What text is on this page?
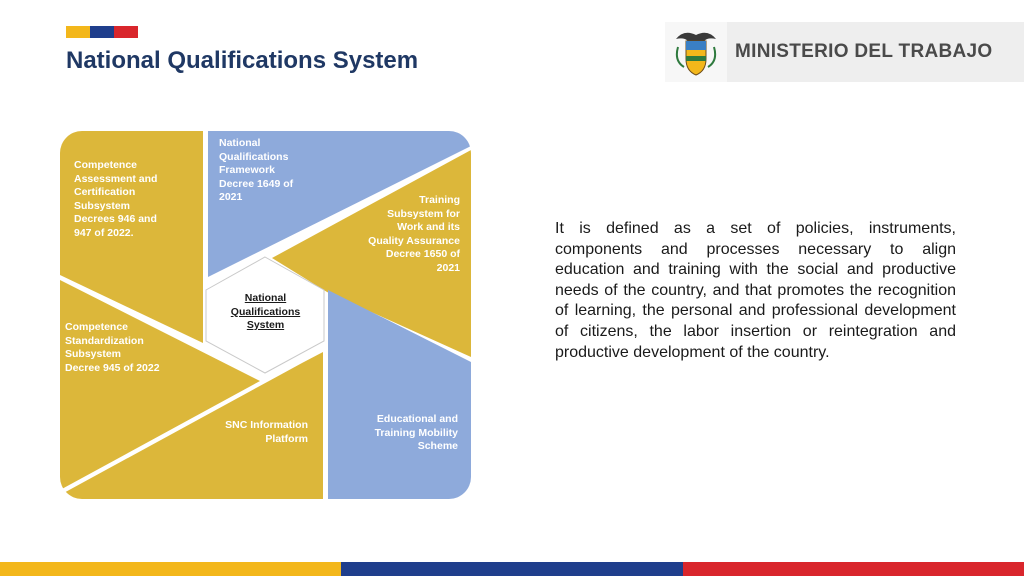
National Qualifications System	MINISTERIO DEL TRABAJO
Competence
Assessment and
Certification
Subsystem
Decrees 946 and
947 of 2022.
National
Qualifications
Framework
Decree 1649 of
2021	Training
Subsystem for
Work and its
Quality Assurance
Decree 1650 of
2021
National
Qualifications
System
Competence
Standardization
Subsystem
Decree 945 of 2022
SNC Information
Platform
Educational and
Training Mobility
Scheme

It is defined as a set of policies, instruments, components and processes necessary to align education and training with the social and productive needs of the country, and that promotes the recognition of learning, the personal and professional development of citizens, the labor insertion or reintegration and productive development of the country.
